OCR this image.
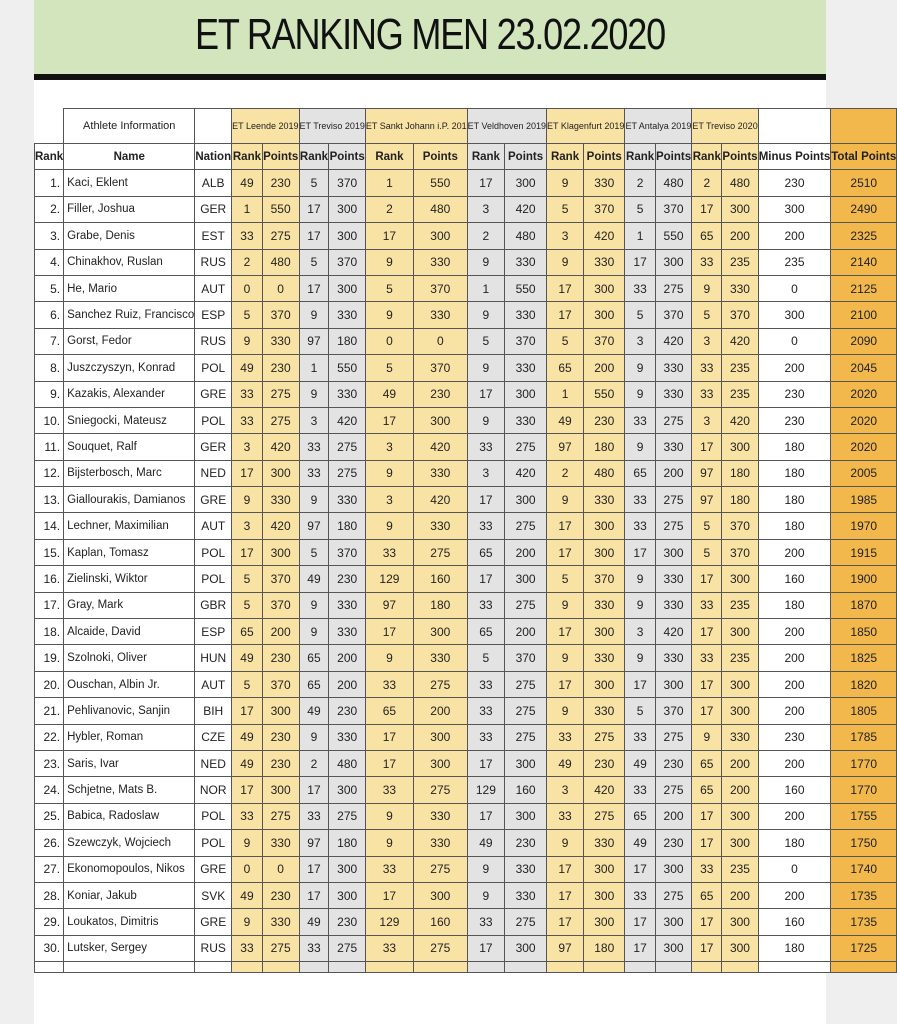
ET RANKING MEN 23.02.2020
	Athlete Information		ET Leende 2019		ET Treviso 2019		ET Sankt Johann i.P. 201		ET Veldhoven 2019		ET Klagenfurt 2019		ET Antalya 2019		ET Treviso 2020			
Rank	Name	Nation	Rank	Points	Rank	Points	Rank	Points	Rank	Points	Rank	Points	Rank	Points	Rank	Points	Minus Points	Total Points
1.	Kaci, Eklent	ALB	49	230	5	370	1	550	17	300	9	330	2	480	2	480	230	2510
2.	Filler, Joshua	GER	1	550	17	300	2	480	3	420	5	370	5	370	17	300	300	2490
3.	Grabe, Denis	EST	33	275	17	300	17	300	2	480	3	420	1	550	65	200	200	2325
4.	Chinakhov, Ruslan	RUS	2	480	5	370	9	330	9	330	9	330	17	300	33	235	235	2140
5.	He, Mario	AUT	0	0	17	300	5	370	1	550	17	300	33	275	9	330	0	2125
6.	Sanchez Ruiz, Francisco	ESP	5	370	9	330	9	330	9	330	17	300	5	370	5	370	300	2100
7.	Gorst, Fedor	RUS	9	330	97	180	0	0	5	370	5	370	3	420	3	420	0	2090
8.	Juszczyszyn, Konrad	POL	49	230	1	550	5	370	9	330	65	200	9	330	33	235	200	2045
9.	Kazakis, Alexander	GRE	33	275	9	330	49	230	17	300	1	550	9	330	33	235	230	2020
10.	Sniegocki, Mateusz	POL	33	275	3	420	17	300	9	330	49	230	33	275	3	420	230	2020
11.	Souquet, Ralf	GER	3	420	33	275	3	420	33	275	97	180	9	330	17	300	180	2020
12.	Bijsterbosch, Marc	NED	17	300	33	275	9	330	3	420	2	480	65	200	97	180	180	2005
13.	Giallourakis, Damianos	GRE	9	330	9	330	3	420	17	300	9	330	33	275	97	180	180	1985
14.	Lechner, Maximilian	AUT	3	420	97	180	9	330	33	275	17	300	33	275	5	370	180	1970
15.	Kaplan, Tomasz	POL	17	300	5	370	33	275	65	200	17	300	17	300	5	370	200	1915
16.	Zielinski, Wiktor	POL	5	370	49	230	129	160	17	300	5	370	9	330	17	300	160	1900
17.	Gray, Mark	GBR	5	370	9	330	97	180	33	275	9	330	9	330	33	235	180	1870
18.	Alcaide, David	ESP	65	200	9	330	17	300	65	200	17	300	3	420	17	300	200	1850
19.	Szolnoki, Oliver	HUN	49	230	65	200	9	330	5	370	9	330	9	330	33	235	200	1825
20.	Ouschan, Albin Jr.	AUT	5	370	65	200	33	275	33	275	17	300	17	300	17	300	200	1820
21.	Pehlivanovic, Sanjin	BIH	17	300	49	230	65	200	33	275	9	330	5	370	17	300	200	1805
22.	Hybler, Roman	CZE	49	230	9	330	17	300	33	275	33	275	33	275	9	330	230	1785
23.	Saris, Ivar	NED	49	230	2	480	17	300	17	300	49	230	49	230	65	200	200	1770
24.	Schjetne, Mats B.	NOR	17	300	17	300	33	275	129	160	3	420	33	275	65	200	160	1770
25.	Babica, Radoslaw	POL	33	275	33	275	9	330	17	300	33	275	65	200	17	300	200	1755
26.	Szewczyk, Wojciech	POL	9	330	97	180	9	330	49	230	9	330	49	230	17	300	180	1750
27.	Ekonomopoulos, Nikos	GRE	0	0	17	300	33	275	9	330	17	300	17	300	33	235	0	1740
28.	Koniar, Jakub	SVK	49	230	17	300	17	300	9	330	17	300	33	275	65	200	200	1735
29.	Loukatos, Dimitris	GRE	9	330	49	230	129	160	33	275	17	300	17	300	17	300	160	1735
30.	Lutsker, Sergey	RUS	33	275	33	275	33	275	17	300	97	180	17	300	17	300	180	1725
